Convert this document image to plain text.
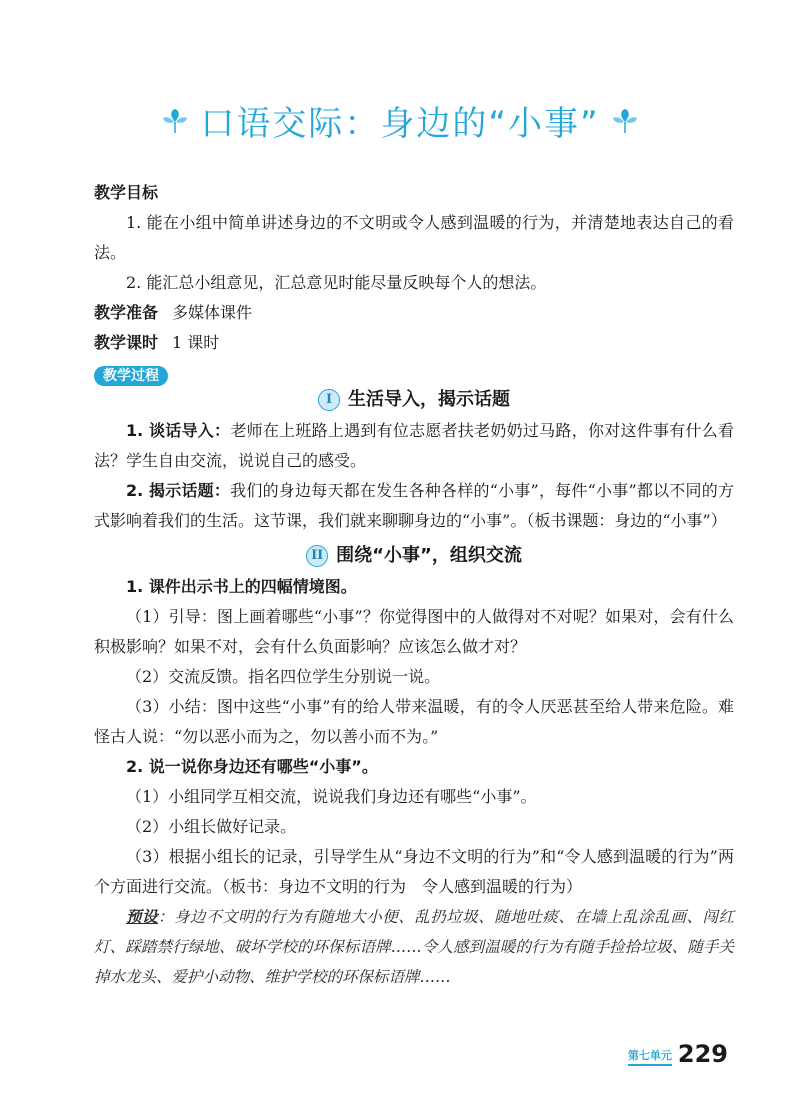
口语交际：身边的“小事”

教学目标

1. 能在小组中简单讲述身边的不文明或令人感到温暖的行为，并清楚地表达自己的看法。

2. 能汇总小组意见，汇总意见时能尽量反映每个人的想法。

教学准备 多媒体课件
教学课时 1 课时
教学过程
I 生活导入，揭示话题

1. 谈话导入：老师在上班路上遇到有位志愿者扶老奶奶过马路，你对这件事有什么看法？学生自由交流，说说自己的感受。

2. 揭示话题：我们的身边每天都在发生各种各样的“小事”，每件“小事”都以不同的方式影响着我们的生活。这节课，我们就来聊聊身边的“小事”。（板书课题：身边的“小事”）

II 围绕“小事”，组织交流

1. 课件出示书上的四幅情境图。

（1）引导：图上画着哪些“小事”？你觉得图中的人做得对不对呢？如果对，会有什么积极影响？如果不对，会有什么负面影响？应该怎么做才对？

（2）交流反馈。指名四位学生分别说一说。

（3）小结：图中这些“小事”有的给人带来温暖，有的令人厌恶甚至给人带来危险。难怪古人说：“勿以恶小而为之，勿以善小而不为。”

2. 说一说你身边还有哪些“小事”。

（1）小组同学互相交流，说说我们身边还有哪些“小事”。

（2）小组长做好记录。

（3）根据小组长的记录，引导学生从“身边不文明的行为”和“令人感到温暖的行为”两个方面进行交流。（板书：身边不文明的行为　令人感到温暖的行为）

预设：身边不文明的行为有随地大小便、乱扔垃圾、随地吐痰、在墙上乱涂乱画、闯红灯、踩踏禁行绿地、破坏学校的环保标语牌……令人感到温暖的行为有随手捡拾垃圾、随手关掉水龙头、爱护小动物、维护学校的环保标语牌……

第七单元 229
